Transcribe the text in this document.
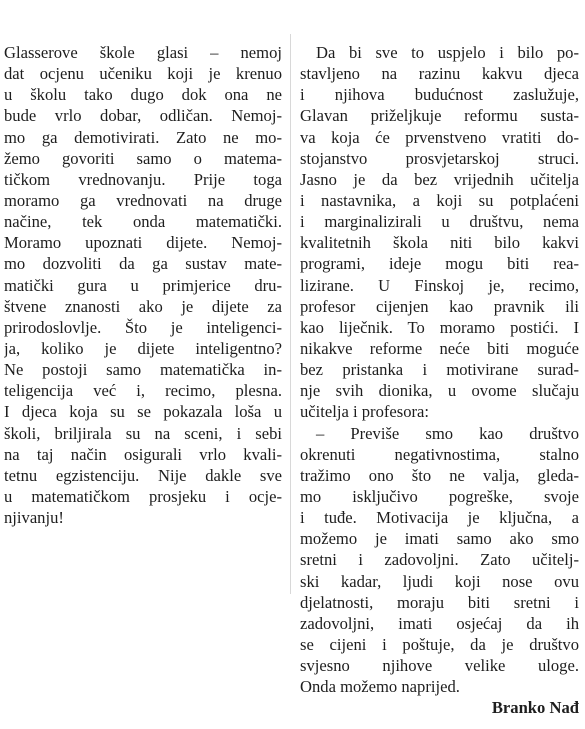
Glasserove škole glasi – nemoj
dat ocjenu učeniku koji je krenuo
u školu tako dugo dok ona ne
bude vrlo dobar, odličan. Nemoj-
mo ga demotivirati. Zato ne mo-
žemo govoriti samo o matema-
tičkom vrednovanju. Prije toga
moramo ga vrednovati na druge
načine, tek onda matematički.
Moramo upoznati dijete. Nemoj-
mo dozvoliti da ga sustav mate-
matički gura u primjerice dru-
štvene znanosti ako je dijete za
prirodoslovlje. Što je inteligenci-
ja, koliko je dijete inteligentno?
Ne postoji samo matematička in-
teligencija već i, recimo, plesna.
I djeca koja su se pokazala loša u
školi, briljirala su na sceni, i sebi
na taj način osigurali vrlo kvali-
tetnu egzistenciju. Nije dakle sve
u matematičkom prosjeku i ocje-
njivanju!
Da bi sve to uspjelo i bilo po-
stavljeno na razinu kakvu djeca
i njihova budućnost zaslužuje,
Glavan priželjkuje reformu susta-
va koja će prvenstveno vratiti do-
stojanstvo prosvjetarskoj struci.
Jasno je da bez vrijednih učitelja
i nastavnika, a koji su potplaćeni
i marginalizirali u društvu, nema
kvalitetnih škola niti bilo kakvi
programi, ideje mogu biti rea-
lizirane. U Finskoj je, recimo,
profesor cijenjen kao pravnik ili
kao liječnik. To moramo postići. I
nikakve reforme neće biti moguće
bez pristanka i motivirane surad-
nje svih dionika, u ovome slučaju
učitelja i profesora:
– Previše smo kao društvo
okrenuti negativnostima, stalno
tražimo ono što ne valja, gleda-
mo isključivo pogreške, svoje
i tuđe. Motivacija je ključna, a
možemo je imati samo ako smo
sretni i zadovoljni. Zato učitelj-
ski kadar, ljudi koji nose ovu
djelatnosti, moraju biti sretni i
zadovoljni, imati osjećaj da ih
se cijeni i poštuje, da je društvo
svjesno njihove velike uloge.
Onda možemo naprijed.
Branko Nađ
